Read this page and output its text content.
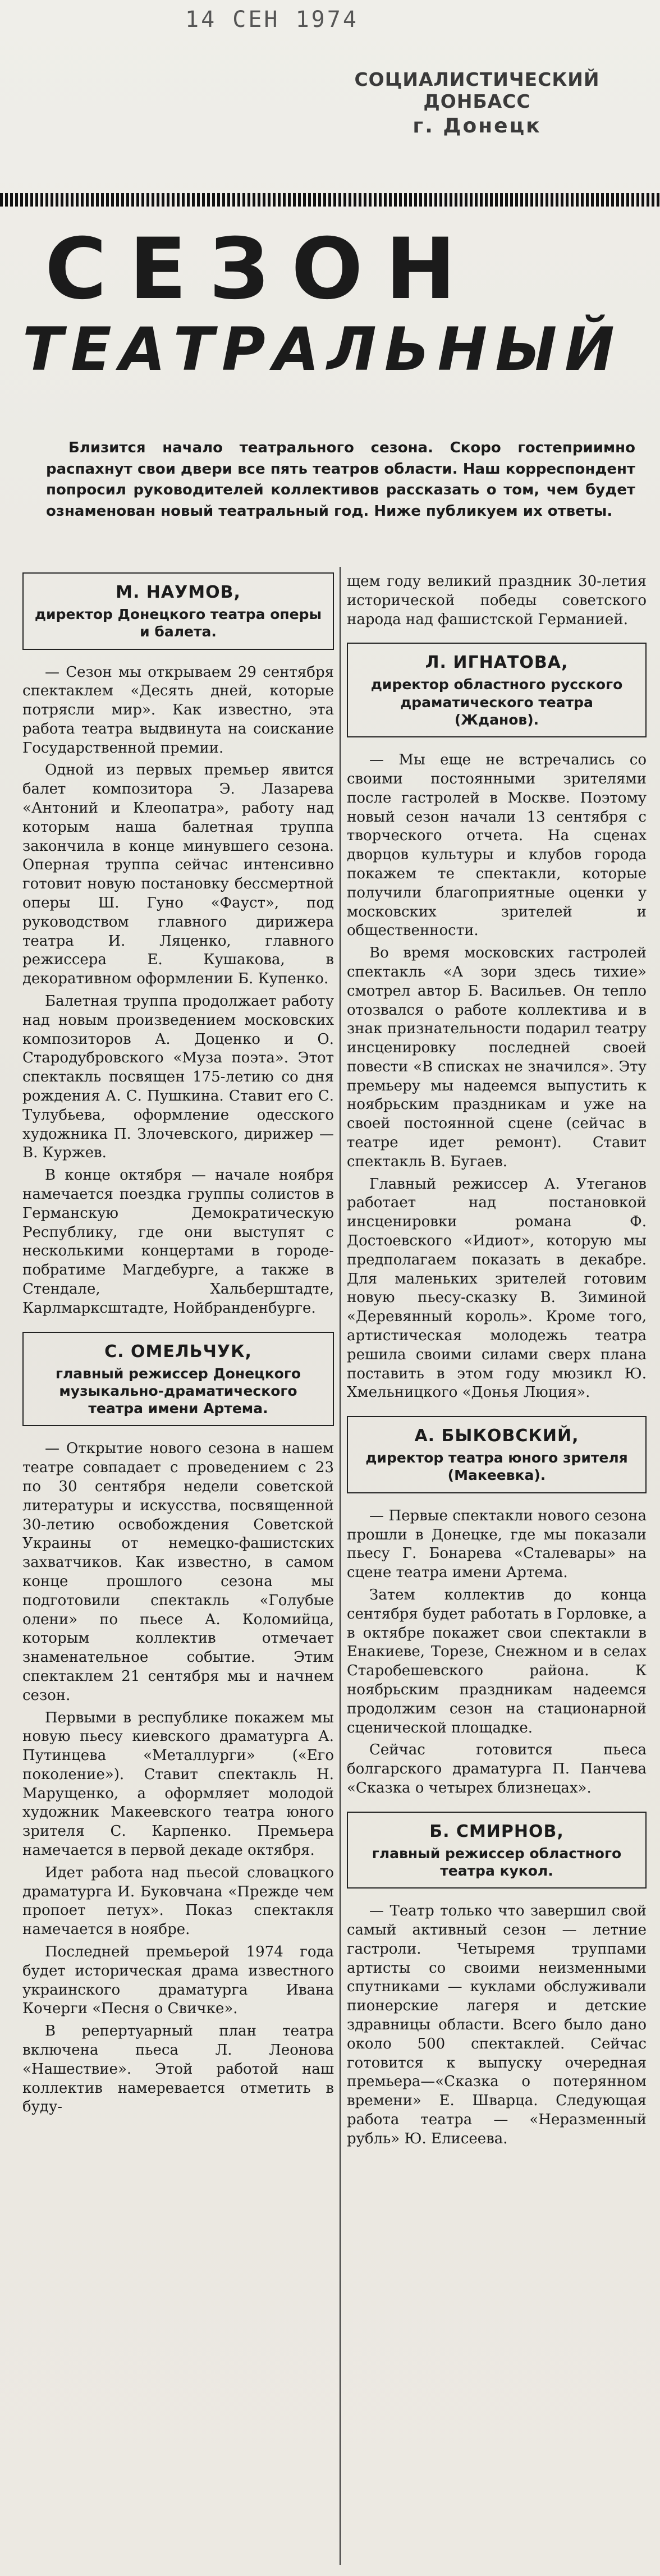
14 СЕН 1974
СОЦИАЛИСТИЧЕСКИЙ ДОНБАСС
г. Донецк
СЕЗОН
ТЕАТРАЛЬНЫЙ
Близится начало театрального сезона. Скоро гостеприимно распахнут свои двери все пять театров области. Наш корреспондент попросил руководителей коллективов рассказать о том, чем будет ознаменован новый театральный год. Ниже публикуем их ответы.
М. НАУМОВ,
директор Донецкого театра оперы и балета.

— Сезон мы открываем 29 сентября спектаклем «Десять дней, которые потрясли мир». Как известно, эта работа театра выдвинута на соискание Государственной премии.

Одной из первых премьер явится балет композитора Э. Лазарева «Антоний и Клеопатра», работу над которым наша балетная труппа закончила в конце минувшего сезона. Оперная труппа сейчас интенсивно готовит новую постановку бессмертной оперы Ш. Гуно «Фауст», под руководством главного дирижера театра И. Ляценко, главного режиссера Е. Кушакова, в декоративном оформлении Б. Купенко.

Балетная труппа продолжает работу над новым произведением московских композиторов А. Доценко и О. Стародубровского «Муза поэта». Этот спектакль посвящен 175-летию со дня рождения А. С. Пушкина. Ставит его С. Тулубьева, оформление одесского художника П. Злочевского, дирижер — В. Куржев.

В конце октября — начале ноября намечается поездка группы солистов в Германскую Демократическую Республику, где они выступят с несколькими концертами в городе-побратиме Магдебурге, а также в Стендале, Хальберштадте, Карлмарксштадте, Нойбранденбурге.

С. ОМЕЛЬЧУК,
главный режиссер Донецкого музыкально-драматического театра имени Артема.

— Открытие нового сезона в нашем театре совпадает с проведением с 23 по 30 сентября недели советской литературы и искусства, посвященной 30-летию освобождения Советской Украины от немецко-фашистских захватчиков. Как известно, в самом конце прошлого сезона мы подготовили спектакль «Голубые олени» по пьесе А. Коломийца, которым коллектив отмечает знаменательное событие. Этим спектаклем 21 сентября мы и начнем сезон.

Первыми в республике покажем мы новую пьесу киевского драматурга А. Путинцева «Металлурги» («Его поколение»). Ставит спектакль Н. Марущенко, а оформляет молодой художник Макеевского театра юного зрителя С. Карпенко. Премьера намечается в первой декаде октября.

Идет работа над пьесой словацкого драматурга И. Буковчана «Прежде чем пропоет петух». Показ спектакля намечается в ноябре.

Последней премьерой 1974 года будет историческая драма известного украинского драматурга Ивана Кочерги «Песня о Свичке».

В репертуарный план театра включена пьеса Л. Леонова «Нашествие». Этой работой наш коллектив намеревается отметить в буду-

щем году великий праздник 30-летия исторической победы советского народа над фашистской Германией.

Л. ИГНАТОВА,
директор областного русского драматического театра (Жданов).

— Мы еще не встречались со своими постоянными зрителями после гастролей в Москве. Поэтому новый сезон начали 13 сентября с творческого отчета. На сценах дворцов культуры и клубов города покажем те спектакли, которые получили благоприятные оценки у московских зрителей и общественности.

Во время московских гастролей спектакль «А зори здесь тихие» смотрел автор Б. Васильев. Он тепло отозвался о работе коллектива и в знак признательности подарил театру инсценировку последней своей повести «В списках не значился». Эту премьеру мы надеемся выпустить к ноябрьским праздникам и уже на своей постоянной сцене (сейчас в театре идет ремонт). Ставит спектакль В. Бугаев.

Главный режиссер А. Утеганов работает над постановкой инсценировки романа Ф. Достоевского «Идиот», которую мы предполагаем показать в декабре. Для маленьких зрителей готовим новую пьесу-сказку В. Зиминой «Деревянный король». Кроме того, артистическая молодежь театра решила своими силами сверх плана поставить в этом году мюзикл Ю. Хмельницкого «Донья Люция».

А. БЫКОВСКИЙ,
директор театра юного зрителя (Макеевка).

— Первые спектакли нового сезона прошли в Донецке, где мы показали пьесу Г. Бонарева «Сталевары» на сцене театра имени Артема.

Затем коллектив до конца сентября будет работать в Горловке, а в октябре покажет свои спектакли в Енакиеве, Торезе, Снежном и в селах Старобешевского района. К ноябрьским праздникам надеемся продолжим сезон на стационарной сценической площадке.

Сейчас готовится пьеса болгарского драматурга П. Панчева «Сказка о четырех близнецах».

Б. СМИРНОВ,
главный режиссер областного театра кукол.

— Театр только что завершил свой самый активный сезон — летние гастроли. Четыремя труппами артисты со своими неизменными спутниками — куклами обслуживали пионерские лагеря и детские здравницы области. Всего было дано около 500 спектаклей. Сейчас готовится к выпуску очередная премьера—«Сказка о потерянном времени» Е. Шварца. Следующая работа театра — «Неразменный рубль» Ю. Елисеева.
